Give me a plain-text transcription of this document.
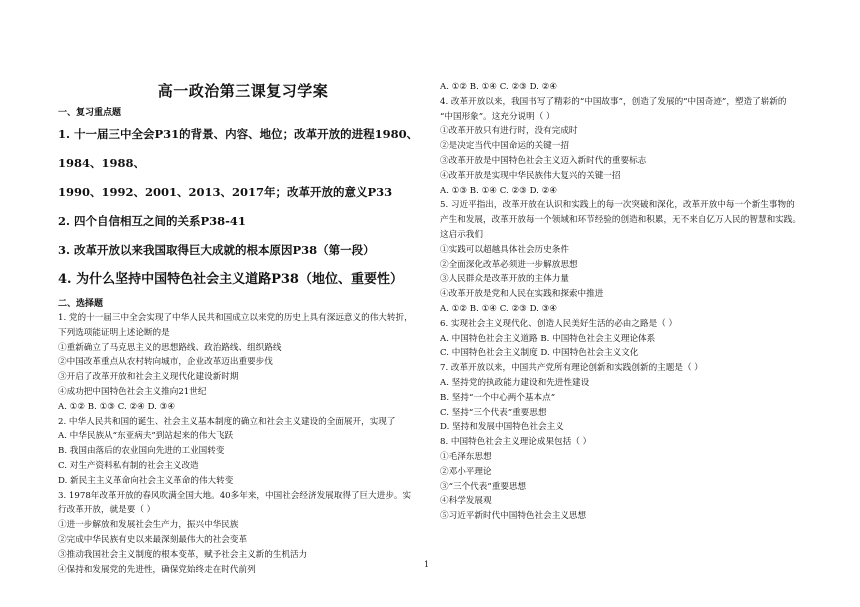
高一政治第三课复习学案
一、复习重点题
1. 十一届三中全会P31的背景、内容、地位；改革开放的进程1980、1984、1988、
1990、1992、2001、2013、2017年；改革开放的意义P33
2. 四个自信相互之间的关系P38-41
3. 改革开放以来我国取得巨大成就的根本原因P38（第一段）
4. 为什么坚持中国特色社会主义道路P38（地位、重要性）
二、选择题
1. 党的十一届三中全会实现了中华人民共和国成立以来党的历史上具有深远意义的伟大转折，
下列选项能证明上述论断的是
①重新确立了马克思主义的思想路线、政治路线、组织路线
②中国改革重点从农村转向城市，企业改革迈出重要步伐
③开启了改革开放和社会主义现代化建设新时期
④成功把中国特色社会主义推向21世纪
A. ①② B. ①③ C. ②④ D. ③④
2. 中华人民共和国的诞生、社会主义基本制度的确立和社会主义建设的全面展开，实现了
A. 中华民族从“东亚病夫”到站起来的伟大飞跃
B. 我国由落后的农业国向先进的工业国转变
C. 对生产资料私有制的社会主义改造
D. 新民主主义革命向社会主义革命的伟大转变
3. 1978年改革开放的春风吹满全国大地。40多年来，中国社会经济发展取得了巨大进步。实
行改革开放，就是要（ ）
①进一步解放和发展社会生产力，振兴中华民族
②完成中华民族有史以来最深刻最伟大的社会变革
③推动我国社会主义制度的根本变革，赋予社会主义新的生机活力
④保持和发展党的先进性，确保党始终走在时代前列
A. ①② B. ①④ C. ②③ D. ②④
4. 改革开放以来，我国书写了精彩的“中国故事”，创造了发展的“中国奇迹”，塑造了崭新的
“中国形象”。这充分说明（ ）
①改革开放只有进行时，没有完成时
②是决定当代中国命运的关键一招
③改革开放是中国特色社会主义迈入新时代的重要标志
④改革开放是实现中华民族伟大复兴的关键一招
A. ①③ B. ①④ C. ②③ D. ②④
5. 习近平指出，改革开放在认识和实践上的每一次突破和深化，改革开放中每一个新生事物的
产生和发展，改革开放每一个领域和环节经验的创造和积累，无不来自亿万人民的智慧和实践。
这启示我们
①实践可以超越具体社会历史条件
②全面深化改革必须进一步解放思想
③人民群众是改革开放的主体力量
④改革开放是党和人民在实践和探索中推进
A. ①② B. ①④ C. ②③ D. ③④
6. 实现社会主义现代化、创造人民美好生活的必由之路是（ ）
A. 中国特色社会主义道路 B. 中国特色社会主义理论体系
C. 中国特色社会主义制度 D. 中国特色社会主义文化
7. 改革开放以来，中国共产党所有理论创新和实践创新的主题是（ ）
A. 坚持党的执政能力建设和先进性建设
B. 坚持“一个中心两个基本点”
C. 坚持“三个代表”重要思想
D. 坚持和发展中国特色社会主义
8. 中国特色社会主义理论成果包括（ ）
①毛泽东思想
②邓小平理论
③“三个代表”重要思想
④科学发展观
⑤习近平新时代中国特色社会主义思想
1
